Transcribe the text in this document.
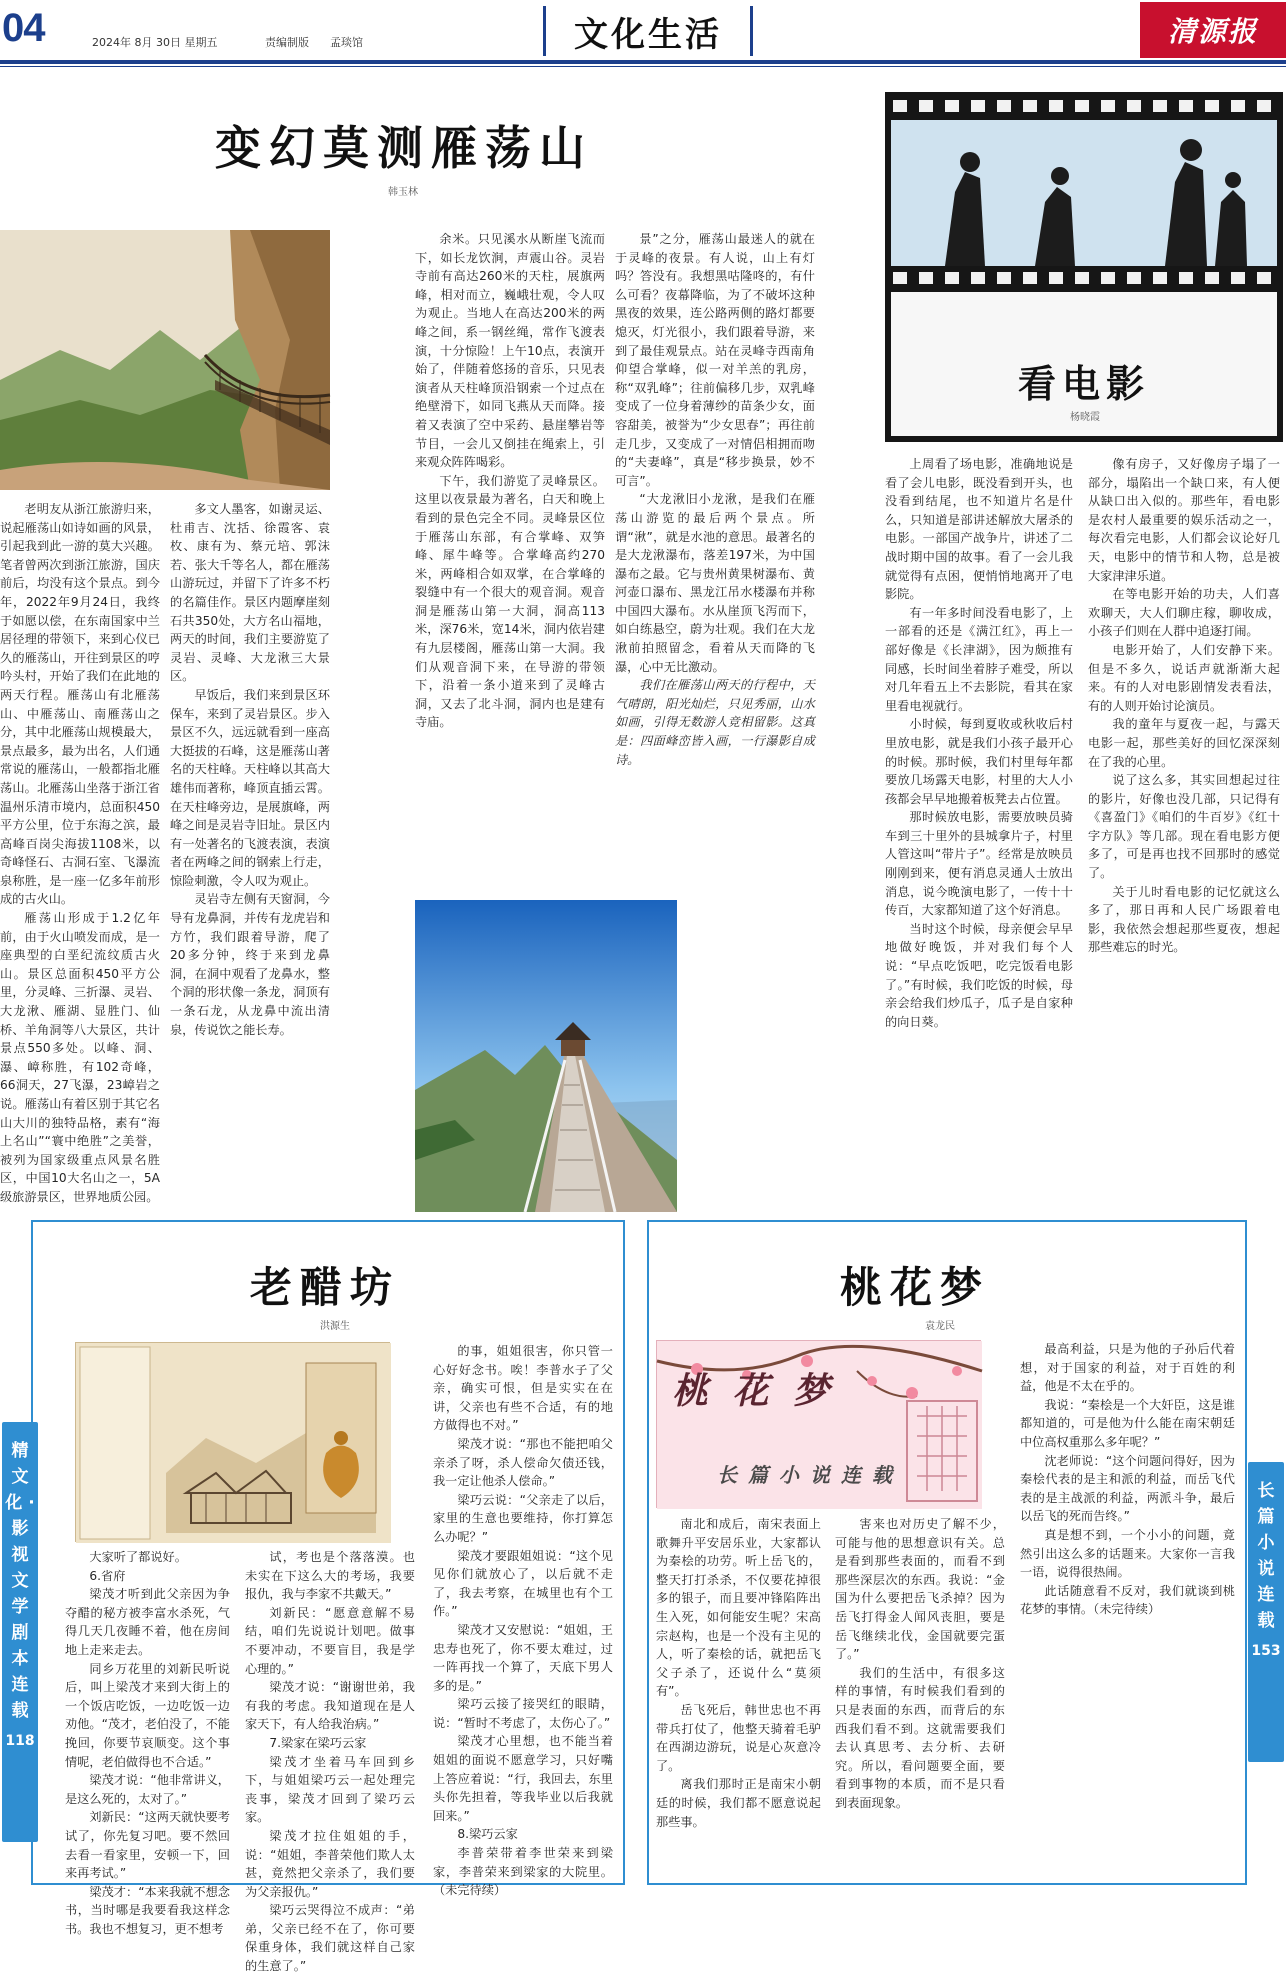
04	2024年 8月 30日 星期五	责编制版 孟琰馆	文化生活	清源报
变幻莫测雁荡山
韩玉林

老明友从浙江旅游归来，说起雁荡山如诗如画的风景，引起我到此一游的莫大兴趣。笔者曾两次到浙江旅游，国庆前后，均没有这个景点。到今年，2022年9月24日，我终于如愿以偿，在东南国家中兰居径理的带领下，来到心仪已久的雁荡山，开往到景区的哼吟头村，开始了我们在此地的两天行程。雁荡山有北雁荡山、中雁荡山、南雁荡山之分，其中北雁荡山规模最大，景点最多，最为出名，人们通常说的雁荡山，一般都指北雁荡山。北雁荡山坐落于浙江省温州乐清市境内，总面积450平方公里，位于东海之滨，最高峰百岗尖海拔1108米，以奇峰怪石、古洞石室、飞瀑流泉称胜，是一座一亿多年前形成的古火山。

雁荡山形成于1.2亿年前，由于火山喷发而成，是一座典型的白垩纪流纹质古火山。景区总面积450平方公里，分灵峰、三折瀑、灵岩、大龙湫、雁湖、显胜门、仙桥、羊角洞等八大景区，共计景点550多处。以峰、洞、瀑、嶂称胜，有102奇峰，66洞天，27飞瀑，23嶂岩之说。雁荡山有着区别于其它名山大川的独特品格，素有“海上名山”“寰中绝胜”之美誉，被列为国家级重点风景名胜区，中国10大名山之一，5A级旅游景区，世界地质公园。

多文人墨客，如谢灵运、杜甫吉、沈括、徐霞客、袁枚、康有为、蔡元培、郭沫若、张大千等名人，都在雁荡山游玩过，并留下了许多不朽的名篇佳作。景区内题摩崖刻石共350处，大方名山福地，两天的时间，我们主要游览了灵岩、灵峰、大龙湫三大景区。

早饭后，我们来到景区环保车，来到了灵岩景区。步入景区不久，远远就看到一座高大挺拔的石峰，这是雁荡山著名的天柱峰。天柱峰以其高大雄伟而著称，峰顶直插云霄。在天柱峰旁边，是展旗峰，两峰之间是灵岩寺旧址。景区内有一处著名的飞渡表演，表演者在两峰之间的钢索上行走，惊险刺激，令人叹为观止。

灵岩寺左侧有天窗洞，今导有龙鼻洞，并传有龙虎岩和方竹，我们跟着导游，爬了20多分钟，终于来到龙鼻洞，在洞中观看了龙鼻水，整个洞的形状像一条龙，洞顶有一条石龙，从龙鼻中流出清泉，传说饮之能长寿。

余米。只见溪水从断崖飞流而下，如长龙饮涧，声震山谷。灵岩寺前有高达260米的天柱，展旗两峰，相对而立，巍峨壮观，令人叹为观止。当地人在高达200米的两峰之间，系一钢丝绳，常作飞渡表演，十分惊险！上午10点，表演开始了，伴随着悠扬的音乐，只见表演者从天柱峰顶沿钢索一个过点在绝壁滑下，如同飞燕从天而降。接着又表演了空中采药、悬崖攀岩等节目，一会儿又倒挂在绳索上，引来观众阵阵喝彩。

下午，我们游览了灵峰景区。这里以夜景最为著名，白天和晚上看到的景色完全不同。灵峰景区位于雁荡山东部，有合掌峰、双笋峰、犀牛峰等。合掌峰高约270米，两峰相合如双掌，在合掌峰的裂缝中有一个很大的观音洞。观音洞是雁荡山第一大洞，洞高113米，深76米，宽14米，洞内依岩建有九层楼阁，雁荡山第一大洞。我们从观音洞下来，在导游的带领下，沿着一条小道来到了灵峰古洞，又去了北斗洞，洞内也是建有寺庙。

景”之分，雁荡山最迷人的就在于灵峰的夜景。有人说，山上有灯吗？答没有。我想黑咕隆咚的，有什么可看？夜幕降临，为了不破坏这种黑夜的效果，连公路两侧的路灯都要熄灭，灯光很小，我们跟着导游，来到了最佳观景点。站在灵峰寺西南角仰望合掌峰，似一对羊羔的乳房，称“双乳峰”；往前偏移几步，双乳峰变成了一位身着薄纱的苗条少女，面容甜美，被誉为“少女思春”；再往前走几步，又变成了一对情侣相拥而吻的“夫妻峰”，真是“移步换景，妙不可言”。

“大龙湫旧小龙湫，是我们在雁荡山游览的最后两个景点。所谓“湫”，就是水池的意思。最著名的是大龙湫瀑布，落差197米，为中国瀑布之最。它与贵州黄果树瀑布、黄河壶口瀑布、黑龙江吊水楼瀑布并称中国四大瀑布。水从崖顶飞泻而下，如白练悬空，蔚为壮观。我们在大龙湫前拍照留念，看着从天而降的飞瀑，心中无比激动。

我们在雁荡山两天的行程中，天气晴朗，阳光灿烂，只见秀丽，山水如画，引得无数游人竞相留影。这真是：四面峰峦皆入画，一行瀑影自成诗。

看电影
杨晓霞

上周看了场电影，准确地说是看了会儿电影，既没看到开头，也没看到结尾，也不知道片名是什么，只知道是部讲述解放大屠杀的电影。一部国产战争片，讲述了二战时期中国的故事。看了一会儿我就觉得有点困，便悄悄地离开了电影院。

有一年多时间没看电影了，上一部看的还是《满江红》，再上一部好像是《长津湖》，因为颇推有同感，长时间坐着脖子难受，所以对几年看五上不去影院，看其在家里看电视就行。

小时候，每到夏收或秋收后村里放电影，就是我们小孩子最开心的时候。那时候，我们村里每年都要放几场露天电影，村里的大人小孩都会早早地搬着板凳去占位置。

那时候放电影，需要放映员骑车到三十里外的县城拿片子，村里人管这叫“带片子”。经常是放映员刚刚到来，便有消息灵通人士放出消息，说今晚演电影了，一传十十传百，大家都知道了这个好消息。

当时这个时候，母亲便会早早地做好晚饭，并对我们每个人说：“早点吃饭吧，吃完饭看电影了。”有时候，我们吃饭的时候，母亲会给我们炒瓜子，瓜子是自家种的向日葵。

像有房子，又好像房子塌了一部分，塌陷出一个缺口来，有人便从缺口出入似的。那些年，看电影是农村人最重要的娱乐活动之一，每次看完电影，人们都会议论好几天，电影中的情节和人物，总是被大家津津乐道。

在等电影开始的功夫，人们喜欢聊天，大人们聊庄稼，聊收成，小孩子们则在人群中追逐打闹。

电影开始了，人们安静下来。但是不多久，说话声就渐渐大起来。有的人对电影剧情发表看法，有的人则开始讨论演员。

我的童年与夏夜一起，与露天电影一起，那些美好的回忆深深刻在了我的心里。

说了这么多，其实回想起过往的影片，好像也没几部，只记得有《喜盈门》《咱们的牛百岁》《红十字方队》等几部。现在看电影方便多了，可是再也找不回那时的感觉了。

关于儿时看电影的记忆就这么多了，那日再和人民广场跟着电影，我依然会想起那些夏夜，想起那些难忘的时光。

精 文 化 · 影 视 文 学 剧 本 连 载
118
老醋坊
洪源生

大家听了都说好。

6.省府

梁茂才听到此父亲因为争夺醋的秘方被李富水杀死，气得几天几夜睡不着，他在房间地上走来走去。

同乡万花里的刘新民听说后，叫上梁茂才来到大街上的一个饭店吃饭，一边吃饭一边劝他。“茂才，老伯没了，不能挽回，你要节哀顺变。这个事情呢，老伯做得也不合适。”

梁茂才说：“他非常讲义，是这么死的，太对了。”

刘新民：“这两天就快要考试了，你先复习吧。要不然回去看一看家里，安顿一下，回来再考试。”

梁茂才：“本来我就不想念书，当时哪是我要看我这样念书。我也不想复习，更不想考

试，考也是个落落漠。也未实在下这么大的考场，我要报仇，我与李家不共戴天。”

刘新民：“愿意意解不易结，咱们先说说计划吧。做事不要冲动，不要盲目，我是学心理的。”

梁茂才说：“谢谢世弟，我有我的考虑。我知道现在是人家天下，有人给我治病。”

7.梁家在梁巧云家

梁茂才坐着马车回到乡下，与姐姐梁巧云一起处理完丧事，梁茂才回到了梁巧云家。

梁茂才拉住姐姐的手，说：“姐姐，李普荣他们欺人太甚，竟然把父亲杀了，我们要为父亲报仇。”

梁巧云哭得泣不成声：“弟弟，父亲已经不在了，你可要保重身体，我们就这样自己家的生意了。”

的事，姐姐很害，你只管一心好好念书。唉！李普水子了父亲，确实可恨，但是实实在在讲，父亲也有些不合适，有的地方做得也不对。”

梁茂才说：“那也不能把咱父亲杀了呀，杀人偿命欠债还钱，我一定让他杀人偿命。”

梁巧云说：“父亲走了以后，家里的生意也要维持，你打算怎么办呢？”

梁茂才要跟姐姐说：“这个见见你们就放心了，以后就不走了，我去考察，在城里也有个工作。”

梁茂才又安慰说：“姐姐，王忠寿也死了，你不要太难过，过一阵再找一个算了，天底下男人多的是。”

梁巧云接了接哭红的眼睛，说：“暂时不考虑了，太伤心了。”

梁茂才心里想，也不能当着姐姐的面说不愿意学习，只好嘴上答应着说：“行，我回去，东里头你先担着，等我毕业以后我就回来。”

8.梁巧云家

李普荣带着李世荣来到梁家，李普荣来到梁家的大院里。（未完待续）

长 篇 小 说 连 载
153
桃花梦
袁龙民
桃 花 梦
长 篇 小 说 连 载

南北和成后，南宋表面上歌舞升平安居乐业，大家都认为秦桧的功劳。听上岳飞的，整天打打杀杀，不仅要花掉很多的银子，而且要冲锋陷阵出生入死，如何能安生呢？宋高宗赵构，也是一个没有主见的人，听了秦桧的话，就把岳飞父子杀了，还说什么“莫须有”。

岳飞死后，韩世忠也不再带兵打仗了，他整天骑着毛驴在西湖边游玩，说是心灰意冷了。

离我们那时正是南宋小朝廷的时候，我们都不愿意说起那些事。

害来也对历史了解不少，可能与他的思想意识有关。总是看到那些表面的，而看不到那些深层次的东西。我说：“金国为什么要把岳飞杀掉？因为岳飞打得金人闻风丧胆，要是岳飞继续北伐，金国就要完蛋了。”

我们的生活中，有很多这样的事情，有时候我们看到的只是表面的东西，而背后的东西我们看不到。这就需要我们去认真思考、去分析、去研究。所以，看问题要全面，要看到事物的本质，而不是只看到表面现象。

最高利益，只是为他的子孙后代着想，对于国家的利益，对于百姓的利益，他是不太在乎的。

我说：“秦桧是一个大奸臣，这是谁都知道的，可是他为什么能在南宋朝廷中位高权重那么多年呢？”

沈老师说：“这个问题问得好，因为秦桧代表的是主和派的利益，而岳飞代表的是主战派的利益，两派斗争，最后以岳飞的死而告终。”

真是想不到，一个小小的问题，竟然引出这么多的话题来。大家你一言我一语，说得很热闹。

此话随意看不反对，我们就谈到桃花梦的事情。（未完待续）
